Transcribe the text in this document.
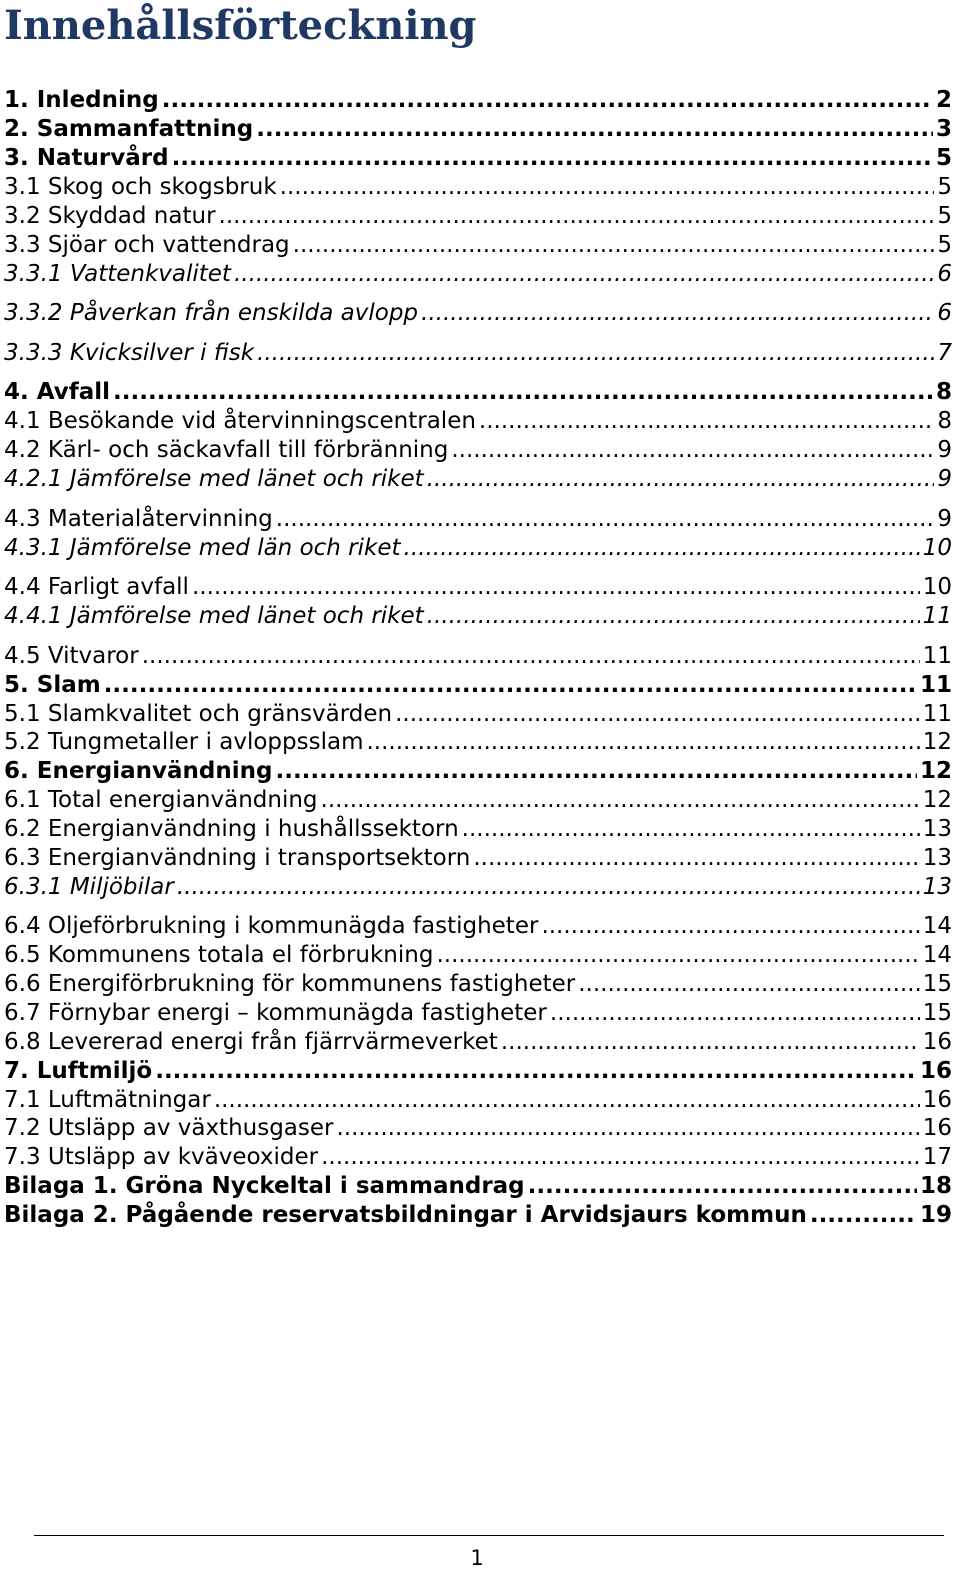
Innehållsförteckning
1. Inledning .....	2
2. Sammanfattning .....	3
3. Naturvård .....	5
3.1 Skog och skogsbruk .....	5
3.2 Skyddad natur .....	5
3.3 Sjöar och vattendrag .....	5
3.3.1 Vattenkvalitet .....	6
3.3.2 Påverkan från enskilda avlopp .....	6
3.3.3 Kvicksilver i fisk .....	7
4. Avfall .....	8
4.1 Besökande vid återvinningscentralen .....	8
4.2 Kärl- och säckavfall till förbränning .....	9
4.2.1 Jämförelse med länet och riket .....	9
4.3 Materialåtervinning .....	9
4.3.1 Jämförelse med län och riket .....	10
4.4 Farligt avfall .....	10
4.4.1 Jämförelse med länet och riket .....	11
4.5 Vitvaror .....	11
5. Slam .....	11
5.1 Slamkvalitet och gränsvärden .....	11
5.2 Tungmetaller i avloppsslam .....	12
6. Energianvändning .....	12
6.1 Total energianvändning .....	12
6.2 Energianvändning i hushållssektorn .....	13
6.3 Energianvändning i transportsektorn .....	13
6.3.1 Miljöbilar .....	13
6.4 Oljeförbrukning i kommunägda fastigheter .....	14
6.5 Kommunens totala el förbrukning .....	14
6.6 Energiförbrukning för kommunens fastigheter .....	15
6.7 Förnybar energi – kommunägda fastigheter .....	15
6.8 Levererad energi från fjärrvärmeverket .....	16
7. Luftmiljö .....	16
7.1 Luftmätningar .....	16
7.2 Utsläpp av växthusgaser .....	16
7.3 Utsläpp av kväveoxider .....	17
Bilaga 1. Gröna Nyckeltal i sammandrag .....	18
Bilaga 2. Pågående reservatsbildningar i Arvidsjaurs kommun .....	19
1
